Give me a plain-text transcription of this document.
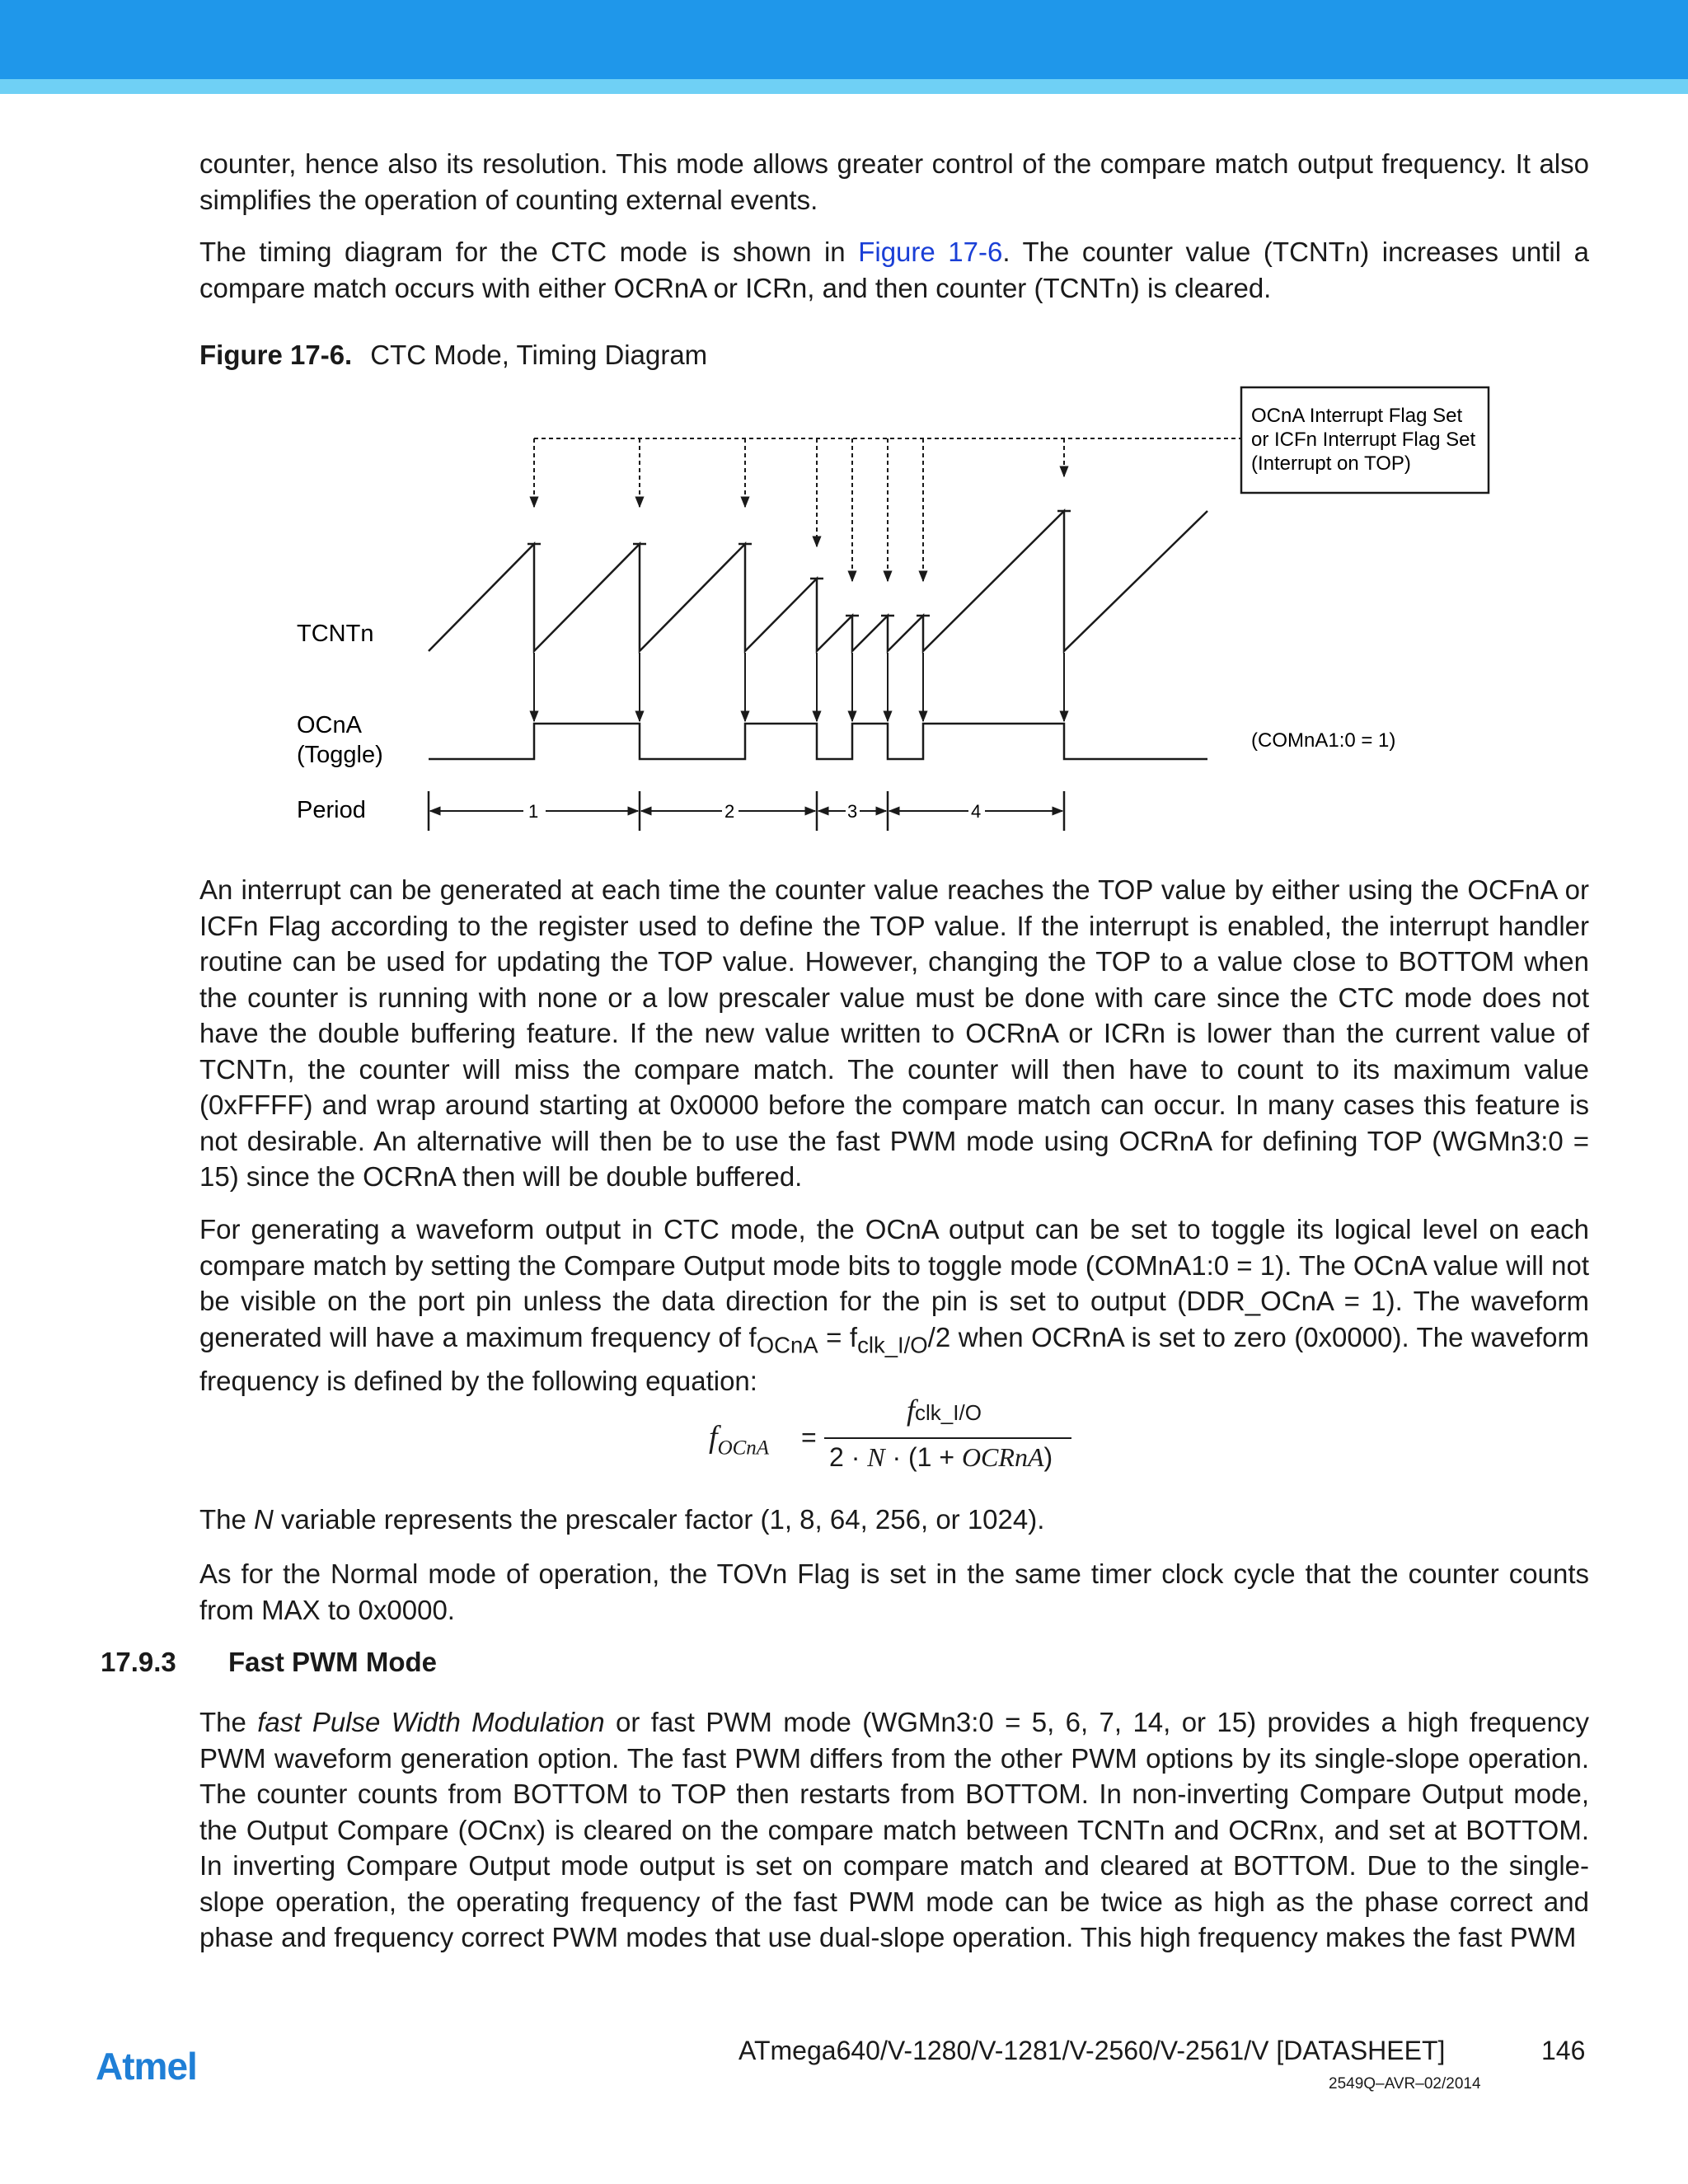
counter, hence also its resolution. This mode allows greater control of the compare match output frequency. It also simplifies the operation of counting external events.

The timing diagram for the CTC mode is shown in Figure 17-6. The counter value (TCNTn) increases until a compare match occurs with either OCRnA or ICRn, and then counter (TCNTn) is cleared.

Figure 17-6. CTC Mode, Timing Diagram
OCnA Interrupt Flag Set
or ICFn Interrupt Flag Set
(Interrupt on TOP)
TCNTn
OCnA
(Toggle)
Period
(COMnA1:0 = 1)
1	2	3	4

An interrupt can be generated at each time the counter value reaches the TOP value by either using the OCFnA or ICFn Flag according to the register used to define the TOP value. If the interrupt is enabled, the interrupt handler routine can be used for updating the TOP value. However, changing the TOP to a value close to BOTTOM when the counter is running with none or a low prescaler value must be done with care since the CTC mode does not have the double buffering feature. If the new value written to OCRnA or ICRn is lower than the current value of TCNTn, the counter will miss the compare match. The counter will then have to count to its maximum value (0xFFFF) and wrap around starting at 0x0000 before the compare match can occur. In many cases this feature is not desirable. An alternative will then be to use the fast PWM mode using OCRnA for defining TOP (WGMn3:0 = 15) since the OCRnA then will be double buffered.

For generating a waveform output in CTC mode, the OCnA output can be set to toggle its logical level on each compare match by setting the Compare Output mode bits to toggle mode (COMnA1:0 = 1). The OCnA value will not be visible on the port pin unless the data direction for the pin is set to output (DDR_OCnA = 1). The waveform generated will have a maximum frequency of $f_{OCnA} = f_{clk\_I/O}/2$ when OCRnA is set to zero (0x0000). The waveform frequency is defined by the following equation:

$f_{OCnA}$ =
fclk_I/O
2 · N · (1 + OCRnA)

The N variable represents the prescaler factor (1, 8, 64, 256, or 1024).

As for the Normal mode of operation, the TOVn Flag is set in the same timer clock cycle that the counter counts from MAX to 0x0000.

17.9.3 Fast PWM Mode

The fast Pulse Width Modulation or fast PWM mode (WGMn3:0 = 5, 6, 7, 14, or 15) provides a high frequency PWM waveform generation option. The fast PWM differs from the other PWM options by its single-slope operation. The counter counts from BOTTOM to TOP then restarts from BOTTOM. In non-inverting Compare Output mode, the Output Compare (OCnx) is cleared on the compare match between TCNTn and OCRnx, and set at BOTTOM. In inverting Compare Output mode output is set on compare match and cleared at BOTTOM. Due to the single-slope operation, the operating frequency of the fast PWM mode can be twice as high as the phase correct and phase and frequency correct PWM modes that use dual-slope operation. This high frequency makes the fast PWM

Atmel	ATmega640/V-1280/V-1281/V-2560/V-2561/V [DATASHEET]	146
2549Q–AVR–02/2014
